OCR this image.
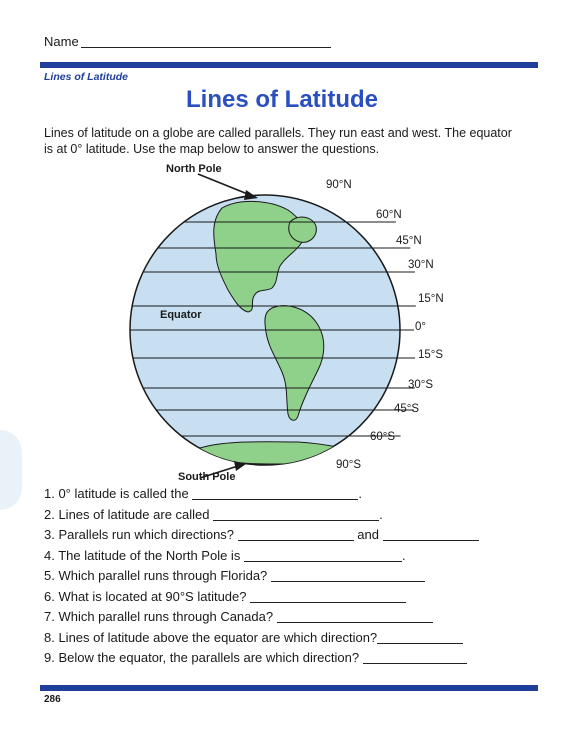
Name
Lines of Latitude
Lines of Latitude
Lines of latitude on a globe are called parallels. They run east and west. The equator is at 0° latitude. Use the map below to answer the questions.
North Pole
South Pole
Equator
90°N
60°N
45°N
30°N
15°N
0°
15°S
30°S
45°S
60°S
90°S
1. 0° latitude is called the	.
2. Lines of latitude are called	.
3. Parallels run which directions?	and
4. The latitude of the North Pole is	.
5. Which parallel runs through Florida?
6. What is located at 90°S latitude?
7. Which parallel runs through Canada?
8. Lines of latitude above the equator are which direction?
9. Below the equator, the parallels are which direction?
286
